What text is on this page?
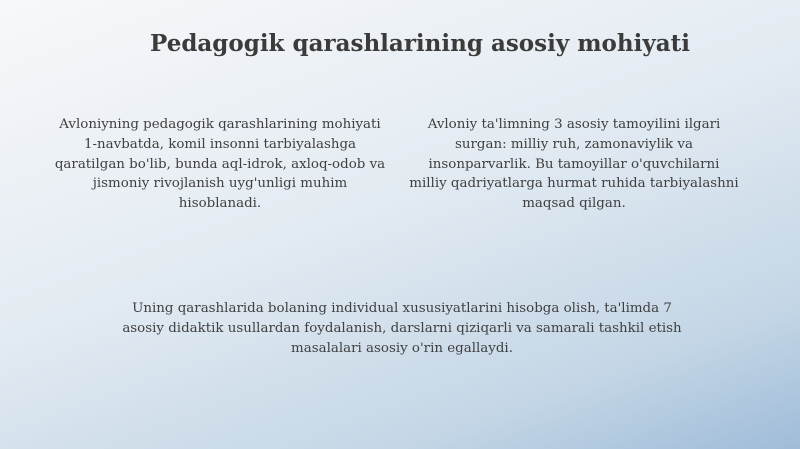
Pedagogik qarashlarining asosiy mohiyati

Avloniyning pedagogik qarashlarining mohiyati 1-navbatda, komil insonni tarbiyalashga qaratilgan bo'lib, bunda aql-idrok, axloq-odob va jismoniy rivojlanish uyg'unligi muhim hisoblanadi.

Avloniy ta'limning 3 asosiy tamoyilini ilgari surgan: milliy ruh, zamonaviylik va insonparvarlik. Bu tamoyillar o'quvchilarni milliy qadriyatlarga hurmat ruhida tarbiyalashni maqsad qilgan.

Uning qarashlarida bolaning individual xususiyatlarini hisobga olish, ta'limda 7 asosiy didaktik usullardan foydalanish, darslarni qiziqarli va samarali tashkil etish masalalari asosiy o'rin egallaydi.
